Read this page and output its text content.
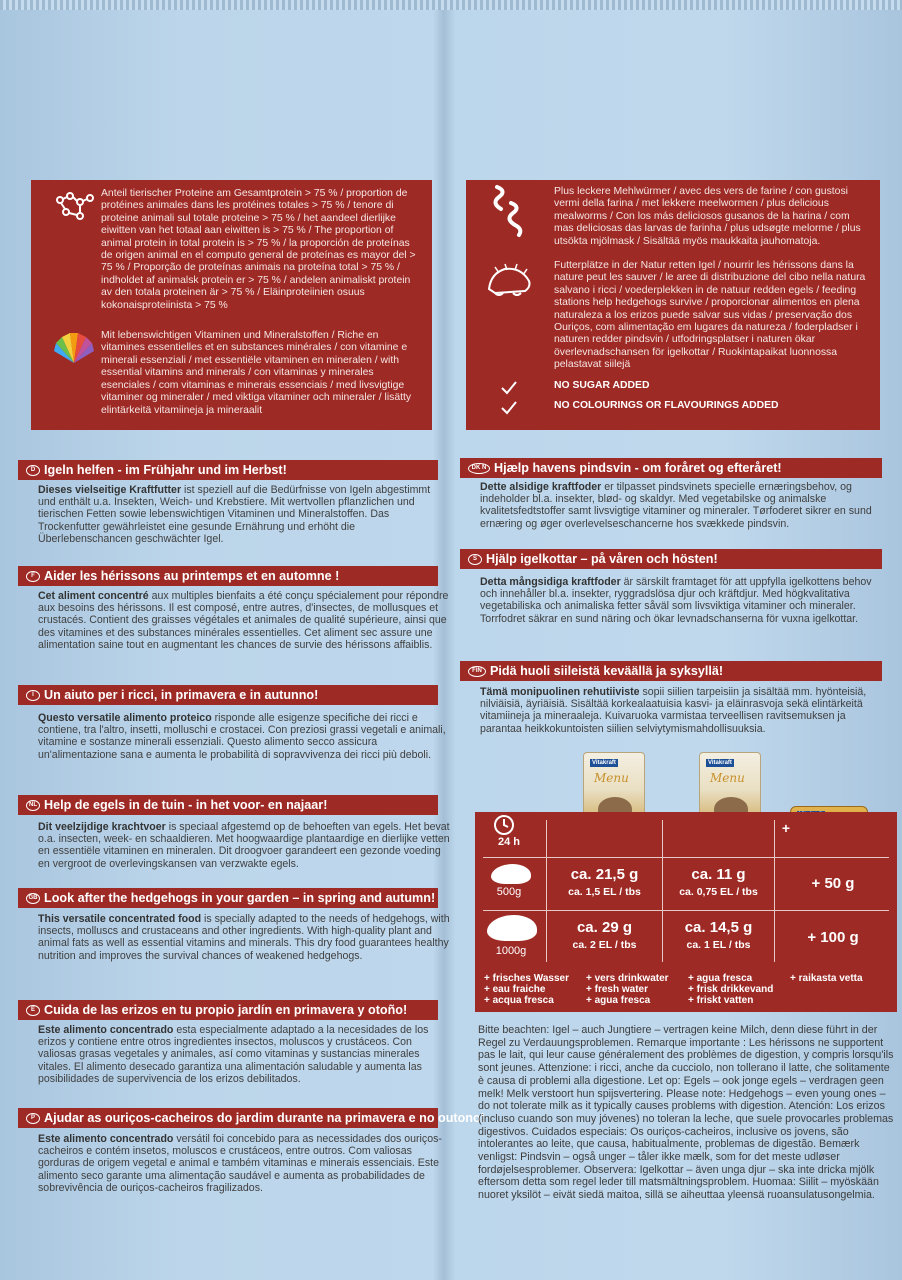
Anteil tierischer Proteine am Gesamtprotein > 75 % / proportion de protéines animales dans les protéines totales > 75 % / tenore di proteine animali sul totale proteine > 75 % / het aandeel dierlijke eiwitten van het totaal aan eiwitten is > 75 % / The proportion of animal protein in total protein is > 75 % / la proporción de proteínas de origen animal en el computo general de proteínas es mayor del > 75 % / Proporção de proteínas animais na proteína total > 75 % / indholdet af animalsk protein er > 75 % / andelen animaliskt protein av den totala proteinen är > 75 % / Eläinproteiinien osuus kokonaisproteiinista > 75 %

Mit lebenswichtigen Vitaminen und Mineralstoffen / Riche en vitamines essentielles et en substances minérales / con vitamine e minerali essenziali / met essentiële vitaminen en mineralen / with essential vitamins and minerals / con vitaminas y minerales esenciales / com vitaminas e minerais essenciais / med livsvigtige vitaminer og mineraler / med viktiga vitaminer och mineraler / lisätty elintärkeitä vitamiineja ja mineraalit

Plus leckere Mehlwürmer / avec des vers de farine / con gustosi vermi della farina / met lekkere meelwormen / plus delicious mealworms / Con los más deliciosos gusanos de la harina / com mas deliciosas das larvas de farinha / plus udsøgte melorme / plus utsökta mjölmask / Sisältää myös maukkaita jauhomatoja.

Futterplätze in der Natur retten Igel / nourrir les hérissons dans la nature peut les sauver / le aree di distribuzione del cibo nella natura salvano i ricci / voederplekken in de natuur redden egels / feeding stations help hedgehogs survive / proporcionar alimentos en plena naturaleza a los erizos puede salvar sus vidas / preservação dos Ouriços, com alimentação em lugares da natureza / foderpladser i naturen redder pindsvin / utfodringsplatser i naturen ökar överlevnadschansen för igelkottar / Ruokintapaikat luonnossa pelastavat siilejä

NO SUGAR ADDED

NO COLOURINGS OR FLAVOURINGS ADDED

D Igeln helfen - im Frühjahr und im Herbst!
Dieses vielseitige Kraftfutter ist speziell auf die Bedürfnisse von Igeln abgestimmt und enthält u.a. Insekten, Weich- und Krebstiere. Mit wertvollen pflanzlichen und tierischen Fetten sowie lebenswichtigen Vitaminen und Mineralstoffen. Das Trockenfutter gewährleistet eine gesunde Ernährung und erhöht die Überlebenschancen geschwächter Igel.
F Aider les hérissons au printemps et en automne !
Cet aliment concentré aux multiples bienfaits a été conçu spécialement pour répondre aux besoins des hérissons. Il est composé, entre autres, d'insectes, de mollusques et crustacés. Contient des graisses végétales et animales de qualité supérieure, ainsi que des vitamines et des substances minérales essentielles. Cet aliment sec assure une alimentation saine tout en augmentant les chances de survie des hérissons affaiblis.
I Un aiuto per i ricci, in primavera e in autunno!
Questo versatile alimento proteico risponde alle esigenze specifiche dei ricci e contiene, tra l'altro, insetti, molluschi e crostacei. Con preziosi grassi vegetali e animali, vitamine e sostanze minerali essenziali. Questo alimento secco assicura un'alimentazione sana e aumenta le probabilità di sopravvivenza dei ricci più deboli.
NL Help de egels in de tuin - in het voor- en najaar!
Dit veelzijdige krachtvoer is speciaal afgestemd op de behoeften van egels. Het bevat o.a. insecten, week- en schaaldieren. Met hoogwaardige plantaardige en dierlijke vetten en essentiële vitaminen en mineralen. Dit droogvoer garandeert een gezonde voeding en vergroot de overlevingskansen van verzwakte egels.
GB Look after the hedgehogs in your garden – in spring and autumn!
This versatile concentrated food is specially adapted to the needs of hedgehogs, with insects, molluscs and crustaceans and other ingredients. With high-quality plant and animal fats as well as essential vitamins and minerals. This dry food guarantees healthy nutrition and improves the survival chances of weakened hedgehogs.
E Cuida de las erizos en tu propio jardín en primavera y otoño!
Este alimento concentrado esta especialmente adaptado a la necesidades de los erizos y contiene entre otros ingredientes insectos, moluscos y crustáceos. Con valiosas grasas vegetales y animales, así como vitaminas y sustancias minerales vitales. El alimento desecado garantiza una alimentación saludable y aumenta las posibilidades de supervivencia de los erizos debilitados.
P Ajudar as ouriços-cacheiros do jardim durante na primavera e no outono!
Este alimento concentrado versátil foi concebido para as necessidades dos ouriços-cacheiros e contém insetos, moluscos e crustáceos, entre outros. Com valiosas gorduras de origem vegetal e animal e também vitaminas e minerais essenciais. Este alimento seco garante uma alimentação saudável e aumenta as probabilidades de sobrevivência de ouriços-cacheiros fragilizados.
DK N Hjælp havens pindsvin - om foråret og efteråret!
Dette alsidige kraftfoder er tilpasset pindsvinets specielle ernæringsbehov, og indeholder bl.a. insekter, blød- og skaldyr. Med vegetabilske og animalske kvalitetsfedtstoffer samt livsvigtige vitaminer og mineraler. Tørfoderet sikrer en sund ernæring og øger overlevelseschancerne hos svækkede pindsvin.
S Hjälp igelkottar – på våren och hösten!
Detta mångsidiga kraftfoder är särskilt framtaget för att uppfylla igelkottens behov och innehåller bl.a. insekter, ryggradslösa djur och kräftdjur. Med högkvalitativa vegetabiliska och animaliska fetter såväl som livsviktiga vitaminer och mineraler. Torrfodret säkrar en sund näring och ökar levnadschanserna för vuxna igelkottar.
FIN Pidä huoli siileistä keväällä ja syksyllä!
Tämä monipuolinen rehutiiviste sopii siilien tarpeisiin ja sisältää mm. hyönteisiä, nilviäisiä, äyriäisiä. Sisältää korkealaatuisia kasvi- ja eläinrasvoja sekä elintärkeitä vitamiineja ja mineraaleja. Kuivaruoka varmistaa terveellisen ravitsemuksen ja parantaa heikkokuntoisten siilien selviytymismahdollisuuksia.
Vitakraft
Menu
Vitakraft
Menu
24 h
+
500g
ca. 21,5 g
ca. 1,5 EL / tbs
ca. 11 g
ca. 0,75 EL / tbs	+ 50 g
1000g
ca. 29 g
ca. 2 EL / tbs
ca. 14,5 g
ca. 1 EL / tbs	+ 100 g
+ frisches Wasser
+ eau fraiche
+ acqua fresca
+ vers drinkwater
+ fresh water
+ agua fresca
+ agua fresca
+ frisk drikkevand
+ friskt vatten
+ raikasta vetta
Bitte beachten: Igel – auch Jungtiere – vertragen keine Milch, denn diese führt in der Regel zu Verdauungsproblemen. Remarque importante : Les hérissons ne supportent pas le lait, qui leur cause généralement des problèmes de digestion, y compris lorsqu'ils sont jeunes. Attenzione: i ricci, anche da cucciolo, non tollerano il latte, che solitamente è causa di problemi alla digestione. Let op: Egels – ook jonge egels – verdragen geen melk! Melk verstoort hun spijsvertering. Please note: Hedgehogs – even young ones – do not tolerate milk as it typically causes problems with digestion. Atención: Los erizos (incluso cuando son muy jóvenes) no toleran la leche, que suele provocarles problemas digestivos. Cuidados especiais: Os ouriços-cacheiros, inclusive os jovens, são intolerantes ao leite, que causa, habitualmente, problemas de digestão. Bemærk venligst: Pindsvin – også unger – tåler ikke mælk, som for det meste udløser fordøjelsesproblemer. Observera: Igelkottar – även unga djur – ska inte dricka mjölk eftersom detta som regel leder till matsmältningsproblem. Huomaa: Siilit – myöskään nuoret yksilöt – eivät siedä maitoa, sillä se aiheuttaa yleensä ruoansulatusongelmia.
